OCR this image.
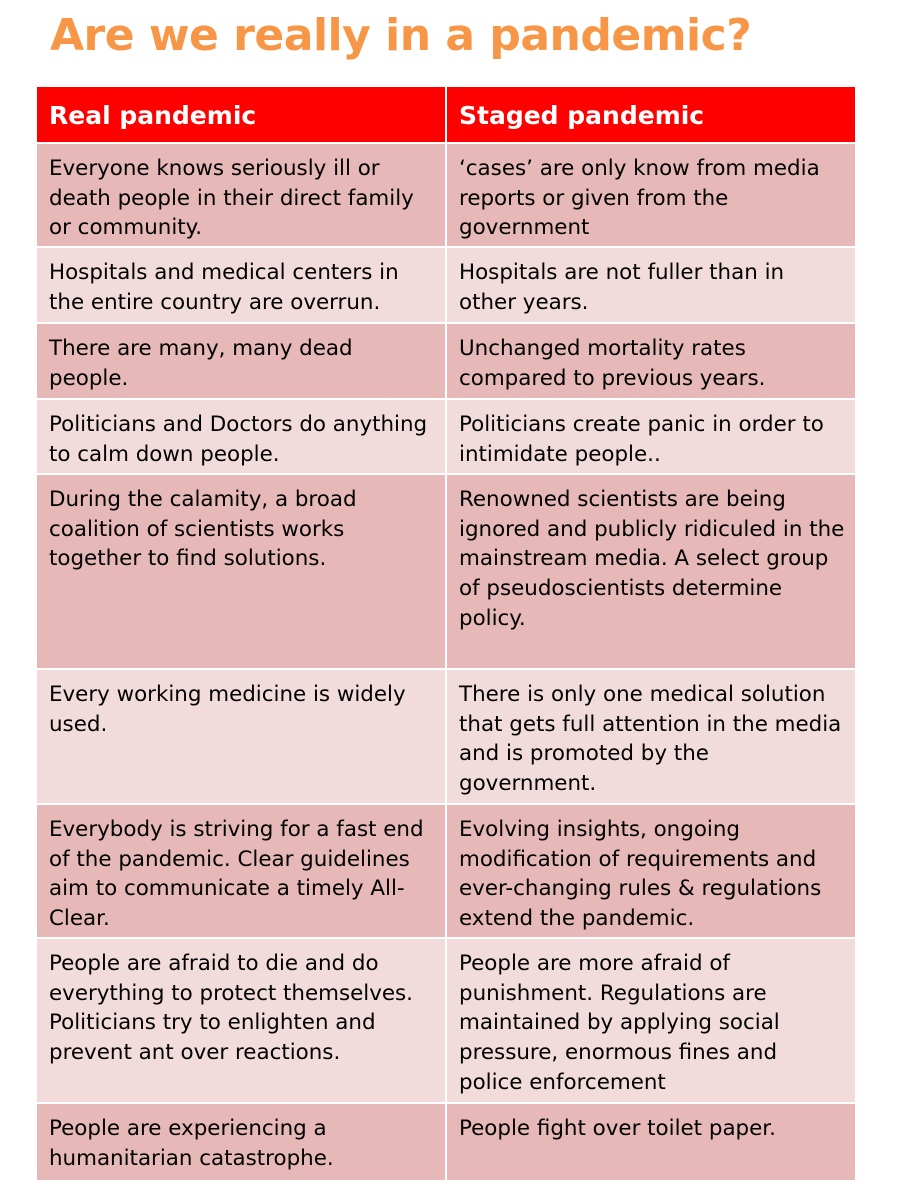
Are we really in a pandemic?
Real pandemic	Staged pandemic
Everyone knows seriously ill or death people in their direct family or community.
‘cases’ are only know from media reports or given from the government
Hospitals and medical centers in the entire country are overrun.
Hospitals are not fuller than in other years.
There are many, many dead people.
Unchanged mortality rates compared to previous years.
Politicians and Doctors do anything to calm down people.
Politicians create panic in order to intimidate people..
During the calamity, a broad coalition of scientists works together to find solutions.
Renowned scientists are being ignored and publicly ridiculed in the mainstream media. A select group of pseudoscientists determine policy.
Every working medicine is widely used.
There is only one medical solution that gets full attention in the media and is promoted by the government.
Everybody is striving for a fast end of the pandemic. Clear guidelines aim to communicate a timely All-Clear.
Evolving insights, ongoing modification of requirements and ever-changing rules & regulations extend the pandemic.
People are afraid to die and do everything to protect themselves. Politicians try to enlighten and prevent ant over reactions.
People are more afraid of punishment. Regulations are maintained by applying social pressure, enormous fines and police enforcement
People are experiencing a humanitarian catastrophe.
People fight over toilet paper.
